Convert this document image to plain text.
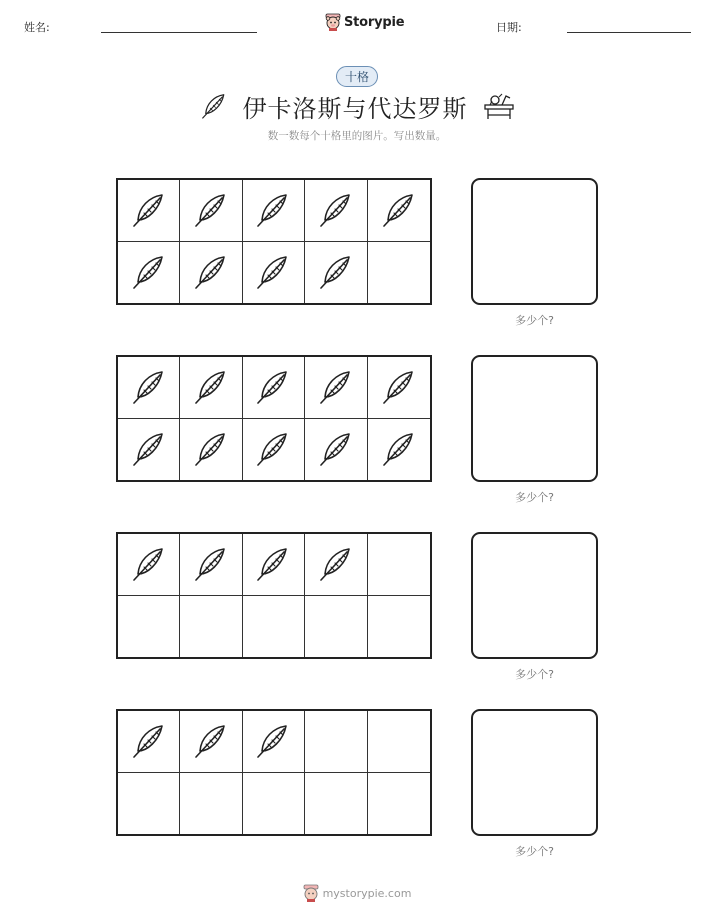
姓名:	Storypie	日期:
十格
伊卡洛斯与代达罗斯
数一数每个十格里的图片。写出数量。
多少个?
多少个?
多少个?
多少个?
mystorypie.com
